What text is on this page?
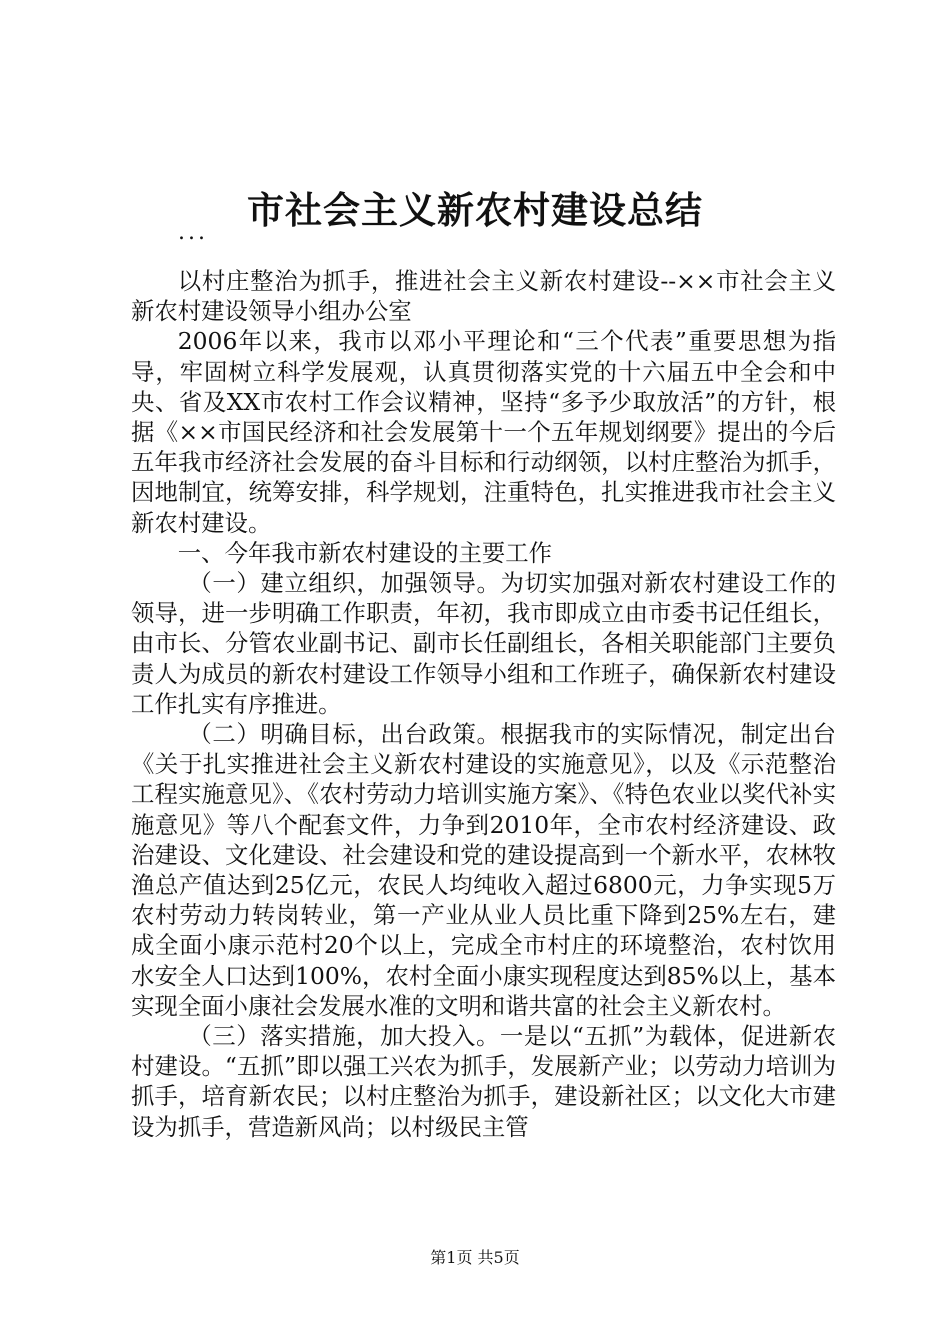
市社会主义新农村建设总结
...

以村庄整治为抓手，推进社会主义新农村建设--××市社会主义新农村建设领导小组办公室

2006年以来，我市以邓小平理论和“三个代表”重要思想为指导，牢固树立科学发展观，认真贯彻落实党的十六届五中全会和中央、省及XX市农村工作会议精神，坚持“多予少取放活”的方针，根据《××市国民经济和社会发展第十一个五年规划纲要》提出的今后五年我市经济社会发展的奋斗目标和行动纲领，以村庄整治为抓手，因地制宜，统筹安排，科学规划，注重特色，扎实推进我市社会主义新农村建设。

一、今年我市新农村建设的主要工作

（一）建立组织，加强领导。为切实加强对新农村建设工作的领导，进一步明确工作职责，年初，我市即成立由市委书记任组长，由市长、分管农业副书记、副市长任副组长，各相关职能部门主要负责人为成员的新农村建设工作领导小组和工作班子，确保新农村建设工作扎实有序推进。

（二）明确目标，出台政策。根据我市的实际情况，制定出台《关于扎实推进社会主义新农村建设的实施意见》，以及《示范整治工程实施意见》、《农村劳动力培训实施方案》、《特色农业以奖代补实施意见》等八个配套文件，力争到2010年，全市农村经济建设、政治建设、文化建设、社会建设和党的建设提高到一个新水平，农林牧渔总产值达到25亿元，农民人均纯收入超过6800元，力争实现5万农村劳动力转岗转业，第一产业从业人员比重下降到25%左右，建成全面小康示范村20个以上，完成全市村庄的环境整治，农村饮用水安全人口达到100%，农村全面小康实现程度达到85%以上，基本实现全面小康社会发展水准的文明和谐共富的社会主义新农村。

（三）落实措施，加大投入。一是以“五抓”为载体，促进新农村建设。“五抓”即以强工兴农为抓手，发展新产业；以劳动力培训为抓手，培育新农民；以村庄整治为抓手，建设新社区；以文化大市建设为抓手，营造新风尚；以村级民主管

第1页 共5页
